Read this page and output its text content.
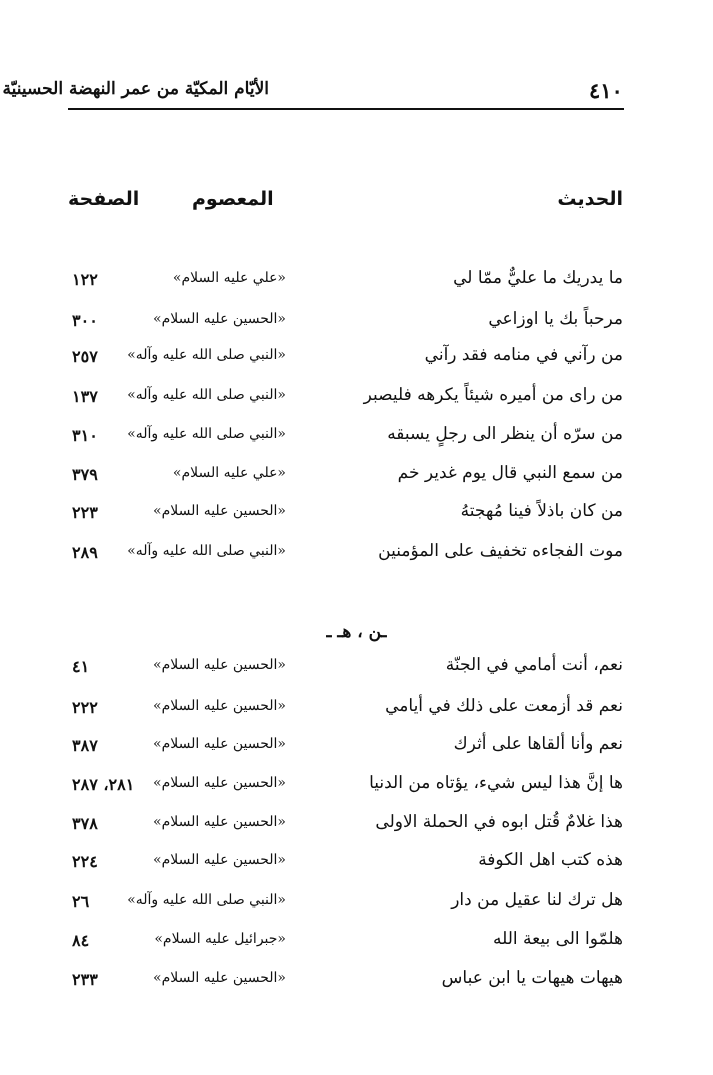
٤١٠
الأيّام المكيّة من عمر النهضة الحسينيّة
الحديث
المعصوم
الصفحة
ما يدريك ما عليٌّ ممّا لي
«علي عليه السلام»
١٢٢
مرحباً بك يا اوزاعي
«الحسين عليه السلام»
٣٠٠
من رآني في منامه فقد رآني
«النبي صلى الله عليه وآله»
٢٥٧
من راى من أميره شيئاً يكرهه فليصبر
«النبي صلى الله عليه وآله»
١٣٧
من سرّه أن ينظر الى رجلٍ يسبقه
«النبي صلى الله عليه وآله»
٣١٠
من سمع النبي قال يوم غدير خم
«علي عليه السلام»
٣٧٩
من كان باذلاً فينا مُهجتهُ
«الحسين عليه السلام»
٢٢٣
موت الفجاءه تخفيف على المؤمنين
«النبي صلى الله عليه وآله»
٢٨٩
ـن ، هـ ـ
نعم، أنت أمامي في الجنّة
«الحسين عليه السلام»
٤١
نعم قد أزمعت على ذلك في أيامي
«الحسين عليه السلام»
٢٢٢
نعم وأنا ألقاها على أثرك
«الحسين عليه السلام»
٣٨٧
ها إنَّ هذا ليس شيء، يؤتاه من الدنيا
«الحسين عليه السلام»
٢٨١، ٢٨٧
هذا غلامٌ قُتل ابوه في الحملة الاولى
«الحسين عليه السلام»
٣٧٨
هذه كتب اهل الكوفة
«الحسين عليه السلام»
٢٢٤
هل ترك لنا عقيل من دار
«النبي صلى الله عليه وآله»
٢٦
هلمّوا الى بيعة الله
«جبرائيل عليه السلام»
٨٤
هيهات هيهات يا ابن عباس
«الحسين عليه السلام»
٢٣٣
